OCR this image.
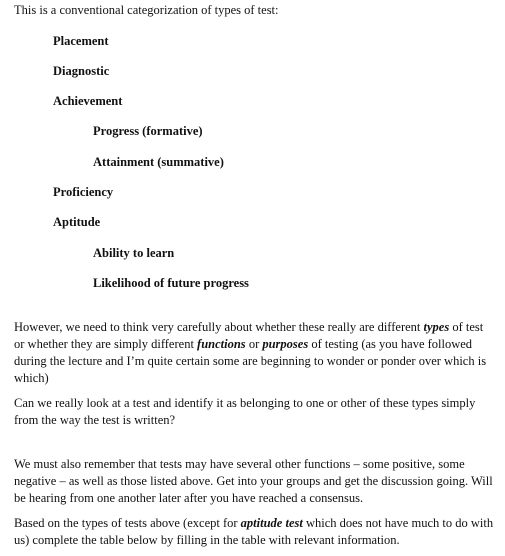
This is a conventional categorization of types of test:
Placement
Diagnostic
Achievement
Progress (formative)
Attainment (summative)
Proficiency
Aptitude
Ability to learn
Likelihood of future progress

However, we need to think very carefully about whether these really are different types of test or whether they are simply different functions or purposes of testing (as you have followed during the lecture and I’m quite certain some are beginning to wonder or ponder over which is which)

Can we really look at a test and identify it as belonging to one or other of these types simply from the way the test is written?

We must also remember that tests may have several other functions – some positive, some negative – as well as those listed above. Get into your groups and get the discussion going. Will be hearing from one another later after you have reached a consensus.

Based on the types of tests above (except for aptitude test which does not have much to do with us) complete the table below by filling in the table with relevant information.
